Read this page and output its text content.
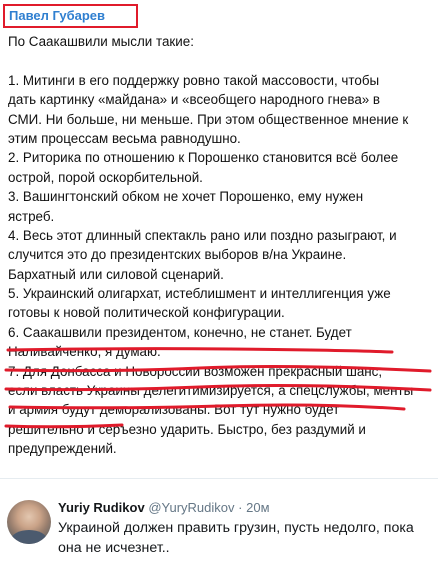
Павел Губарев
По Саакашвили мысли такие:
1. Митинги в его поддержку ровно такой массовости, чтобы
дать картинку «майдана» и «всеобщего народного гнева» в
СМИ. Ни больше, ни меньше. При этом общественное мнение к
этим процессам весьма равнодушно.
2. Риторика по отношению к Порошенко становится всё более
острой, порой оскорбительной.
3. Вашингтонский обком не хочет Порошенко, ему нужен
ястреб.
4. Весь этот длинный спектакль рано или поздно разыграют, и
случится это до президентских выборов в/на Украине.
Бархатный или силовой сценарий.
5. Украинский олигархат, истеблишмент и интеллигенция уже
готовы к новой политической конфигурации.
6. Саакашвили президентом, конечно, не станет. Будет
Наливайченко, я думаю.
7. Для Донбасса и Новороссии возможен прекрасный шанс,
если власть Украины делегитимизируется, а спецслужбы, менты
и армия будут деморализованы. Вот тут нужно будет
решительно и серъезно ударить. Быстро, без раздумий и
предупреждений.
Yuriy Rudikov @YuryRudikov · 20м
Украиной должен править грузин, пусть недолго, пока
она не исчезнет..
